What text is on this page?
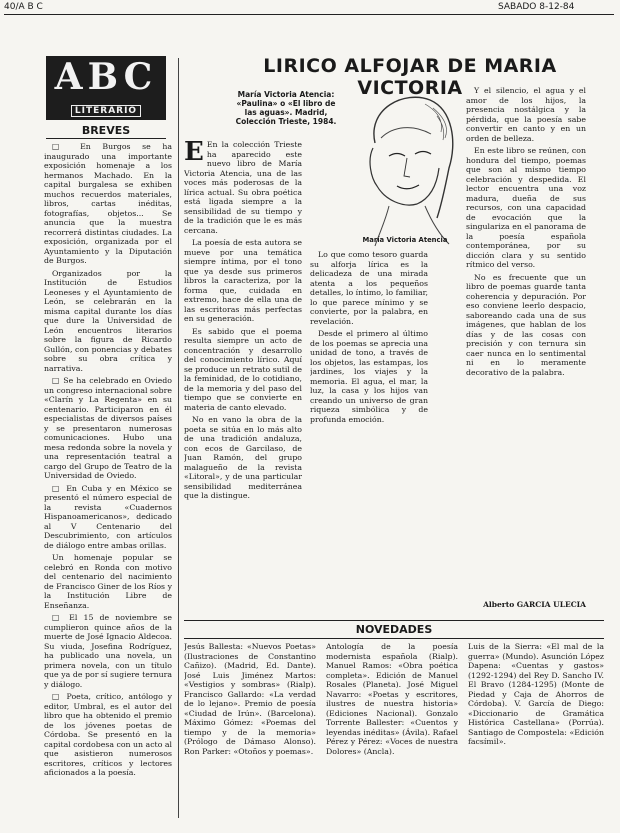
40/A B C	SABADO 8-12-84
ABC
LITERARIO
BREVES

□ En Burgos se ha inaugurado una importante exposición homenaje a los hermanos Machado. En la capital burgalesa se exhiben muchos recuerdos materiales, libros, cartas inéditas, fotografías, objetos... Se anuncia que la muestra recorrerá distintas ciudades. La exposición, organizada por el Ayuntamiento y la Diputación de Burgos.

Organizados por la Institución de Estudios Leoneses y el Ayuntamiento de León, se celebrarán en la misma capital durante los días que dure la Universidad de León encuentros literarios sobre la figura de Ricardo Gullón, con ponencias y debates sobre su obra crítica y narrativa.

□ Se ha celebrado en Oviedo un congreso internacional sobre «Clarín y La Regenta» en su centenario. Participaron en él especialistas de diversos países y se presentaron numerosas comunicaciones. Hubo una mesa redonda sobre la novela y una representación teatral a cargo del Grupo de Teatro de la Universidad de Oviedo.

□ En Cuba y en México se presentó el número especial de la revista «Cuadernos Hispanoamericanos», dedicado al V Centenario del Descubrimiento, con artículos de diálogo entre ambas orillas.

Un homenaje popular se celebró en Ronda con motivo del centenario del nacimiento de Francisco Giner de los Ríos y la Institución Libre de Enseñanza.

□ El 15 de noviembre se cumplieron quince años de la muerte de José Ignacio Aldecoa. Su viuda, Josefina Rodríguez, ha publicado una novela, un primera novela, con un título que ya de por sí sugiere ternura y diálogo.

□ Poeta, crítico, antólogo y editor, Umbral, es el autor del libro que ha obtenido el premio de los jóvenes poetas de Córdoba. Se presentó en la capital cordobesa con un acto al que asistieron numerosos escritores, críticos y lectores aficionados a la poesía.

LIRICO ALFOJAR DE MARIA VICTORIA
María Victoria Atencia: «Paulina» o «El libro de las aguas». Madrid, Colección Trieste, 1984.
María Victoria Atencia

E En la colección Trieste ha aparecido este nuevo libro de María Victoria Atencia, una de las voces más poderosas de la lírica actual. Su obra poética está ligada siempre a la sensibilidad de su tiempo y de la tradición que le es más cercana.

La poesía de esta autora se mueve por una temática siempre íntima, por el tono que ya desde sus primeros libros la caracteriza, por la forma que, cuidada en extremo, hace de ella una de las escritoras más perfectas en su generación.

Es sabido que el poema resulta siempre un acto de concentración y desarrollo del conocimiento lírico. Aquí se produce un retrato sutil de la feminidad, de lo cotidiano, de la memoria y del paso del tiempo que se convierte en materia de canto elevado.

No en vano la obra de la poeta se sitúa en lo más alto de una tradición andaluza, con ecos de Garcilaso, de Juan Ramón, del grupo malagueño de la revista «Litoral», y de una particular sensibilidad mediterránea que la distingue.

Lo que como tesoro guarda su alforja lírica es la delicadeza de una mirada atenta a los pequeños detalles, lo íntimo, lo familiar, lo que parece mínimo y se convierte, por la palabra, en revelación.

Desde el primero al último de los poemas se aprecia una unidad de tono, a través de los objetos, las estampas, los jardines, los viajes y la memoria. El agua, el mar, la luz, la casa y los hijos van creando un universo de gran riqueza simbólica y de profunda emoción.

Y el silencio, el agua y el amor de los hijos, la presencia nostálgica y la pérdida, que la poesía sabe convertir en canto y en un orden de belleza.

En este libro se reúnen, con hondura del tiempo, poemas que son al mismo tiempo celebración y despedida. El lector encuentra una voz madura, dueña de sus recursos, con una capacidad de evocación que la singulariza en el panorama de la poesía española contemporánea, por su dicción clara y su sentido rítmico del verso.

No es frecuente que un libro de poemas guarde tanta coherencia y depuración. Por eso conviene leerlo despacio, saboreando cada una de sus imágenes, que hablan de los días y de las cosas con precisión y con ternura sin caer nunca en lo sentimental ni en lo meramente decorativo de la palabra.

Alberto GARCIA ULECIA
NOVEDADES

Jesús Ballesta: «Nuevos Poetas» (Ilustraciones de Constantino Cañizo). (Madrid, Ed. Dante). José Luis Jiménez Martos: «Vestigios y sombras» (Rialp). Francisco Gallardo: «La verdad de lo lejano». Premio de poesía «Ciudad de Irún». (Barcelona). Máximo Gómez: «Poemas del tiempo y de la memoria» (Prólogo de Dámaso Alonso). Ron Parker: «Otoños y poemas».

Antología de la poesía modernista española (Rialp). Manuel Ramos: «Obra poética completa». Edición de Manuel Rosales (Planeta). José Miguel Navarro: «Poetas y escritores, ilustres de nuestra historia» (Ediciones Nacional). Gonzalo Torrente Ballester: «Cuentos y leyendas inéditas» (Ávila). Rafael Pérez y Pérez: «Voces de nuestra Dolores» (Ancla).

Luis de la Sierra: «El mal de la guerra» (Mundo). Asunción López Dapena: «Cuentas y gastos» (1292-1294) del Rey D. Sancho IV. El Bravo (1284-1295) (Monte de Piedad y Caja de Ahorros de Córdoba). V. García de Diego: «Diccionario de Gramática Histórica Castellana» (Porrúa). Santiago de Compostela: «Edición facsímil».
